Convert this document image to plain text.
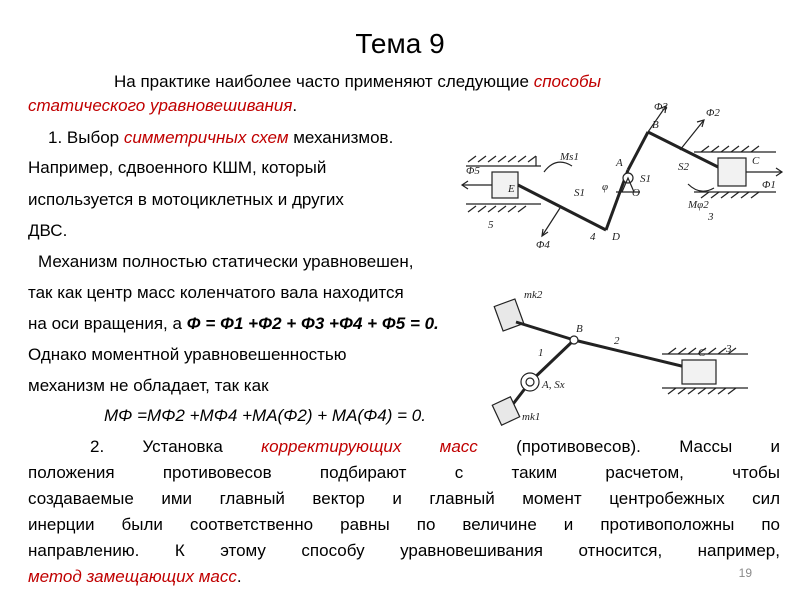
Тема 9
На практике наиболее часто применяют следующие способы
статического уравновешивания.
1. Выбор симметричных схем механизмов.
Например, сдвоенного КШМ, который
используется в мотоциклетных и других
ДВС.
Механизм полностью статически уравновешен,
так как центр масс коленчатого вала находится
на оси вращения, а Φ = Φ1 +Φ2 + Φ3 +Φ4 + Φ5 = 0.
Однако моментной уравновешенностью
механизм не обладает, так как
MΦ =MΦ2 +MΦ4 +MA(Φ2) + MA(Φ4) = 0.
2. Установка корректирующих масс (противовесов). Массы и
положения противовесов подбирают с таким расчетом, чтобы
создаваемые ими главный вектор и главный момент центробежных сил
инерции были соответственно равны по величине и противоположны по
направлению. К этому способу уравновешивания относится, например,
метод замещающих масс.
Φ5
E
5
Ms1
S1
Φ4
A
S1
φ O
D
4
Φ2
Φ3
B
S2
Mφ2
C
3
Φ1
mk2
B
2
1
A, Sx
C 3
mk1
19
